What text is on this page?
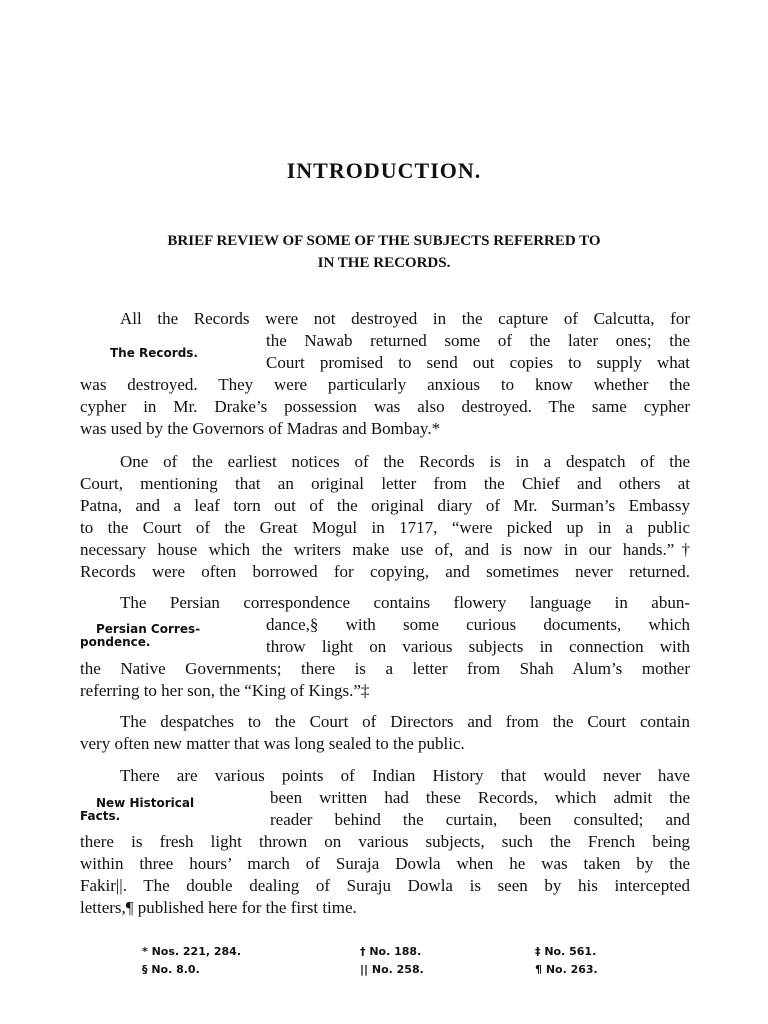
INTRODUCTION.
BRIEF REVIEW OF SOME OF THE SUBJECTS REFERRED TO
IN THE RECORDS.
All the Records were not destroyed in the capture of Calcutta, for
The Records.
the Nawab returned some of the later ones; the
Court promised to send out copies to supply what
was destroyed. They were particularly anxious to know whether the
cypher in Mr. Drake’s possession was also destroyed. The same cypher
was used by the Governors of Madras and Bombay.*
One of the earliest notices of the Records is in a despatch of the
Court, mentioning that an original letter from the Chief and others at
Patna, and a leaf torn out of the original diary of Mr. Surman’s Embassy
to the Court of the Great Mogul in 1717, “were picked up in a public
necessary house which the writers make use of, and is now in our hands.”†
Records were often borrowed for copying, and sometimes never returned.
The Persian correspondence contains flowery language in abun-
Persian Corres-
pondence.
dance,§ with some curious documents, which
throw light on various subjects in connection with
the Native Governments; there is a letter from Shah Alum’s mother
referring to her son, the “King of Kings.”‡
The despatches to the Court of Directors and from the Court contain
very often new matter that was long sealed to the public.
There are various points of Indian History that would never have
New Historical
Facts.
been written had these Records, which admit the
reader behind the curtain, been consulted; and
there is fresh light thrown on various subjects, such the French being
within three hours’ march of Suraja Dowla when he was taken by the
Fakir||. The double dealing of Suraju Dowla is seen by his intercepted
letters,¶ published here for the first time.
* Nos. 221, 284.	† No. 188.	‡ No. 561.
§ No. 8.0.	|| No. 258.	¶ No. 263.
